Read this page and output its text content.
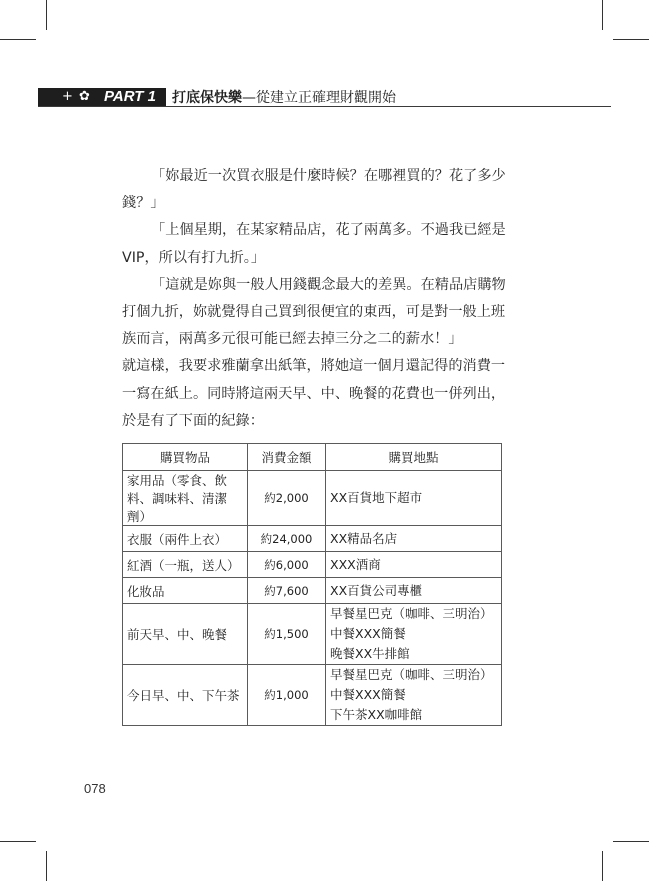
+ ✿ PART 1 打底保快樂—從建立正確理財觀開始

「妳最近一次買衣服是什麼時候？在哪裡買的？花了多少錢？」

「上個星期，在某家精品店，花了兩萬多。不過我已經是VIP，所以有打九折。」

「這就是妳與一般人用錢觀念最大的差異。在精品店購物打個九折，妳就覺得自己買到很便宜的東西，可是對一般上班族而言，兩萬多元很可能已經去掉三分之二的薪水！」

就這樣，我要求雅蘭拿出紙筆，將她這一個月還記得的消費一一寫在紙上。同時將這兩天早、中、晚餐的花費也一併列出，於是有了下面的紀錄：

購買物品	消費金額	購買地點
家用品（零食、飲料、調味料、清潔劑）	約2,000	XX百貨地下超市

衣服（兩件上衣）	約24,000	XX精品名店

紅酒（一瓶，送人）	約6,000	XXX酒商

化妝品	約7,600	XX百貨公司專櫃

前天早、中、晚餐	約1,500	早餐星巴克（咖啡、三明治）
中餐XXX簡餐
晚餐XX牛排館

今日早、中、下午茶	約1,000	早餐星巴克（咖啡、三明治）
中餐XXX簡餐
下午茶XX咖啡館
078
